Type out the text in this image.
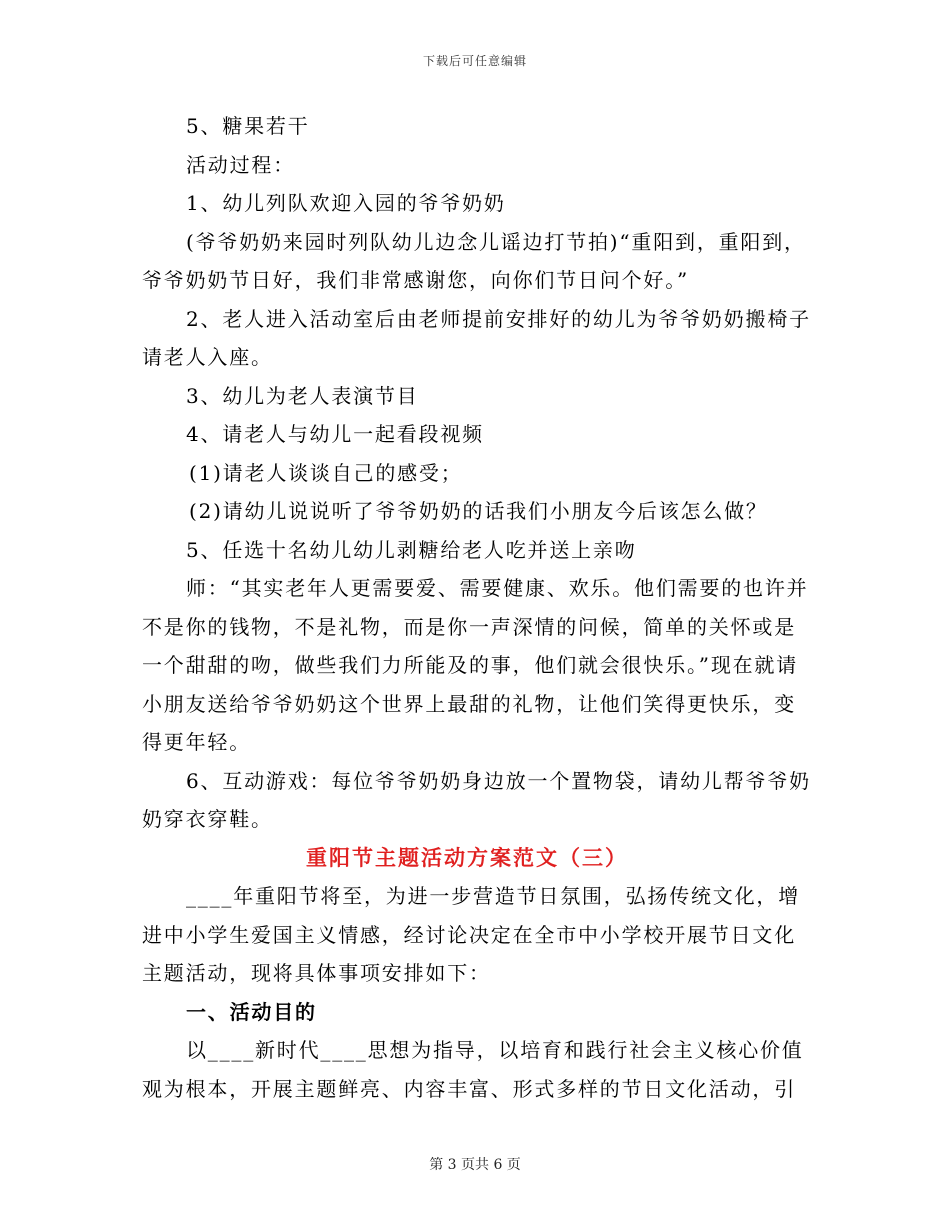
下载后可任意编辑

5、糖果若干

活动过程：

1、幼儿列队欢迎入园的爷爷奶奶

(爷爷奶奶来园时列队幼儿边念儿谣边打节拍)“重阳到，重阳到，爷爷奶奶节日好，我们非常感谢您，向你们节日问个好。”

2、老人进入活动室后由老师提前安排好的幼儿为爷爷奶奶搬椅子请老人入座。

3、幼儿为老人表演节目

4、请老人与幼儿一起看段视频

(1)请老人谈谈自己的感受；

(2)请幼儿说说听了爷爷奶奶的话我们小朋友今后该怎么做？

5、任选十名幼儿幼儿剥糖给老人吃并送上亲吻

师：“其实老年人更需要爱、需要健康、欢乐。他们需要的也许并不是你的钱物，不是礼物，而是你一声深情的问候，简单的关怀或是一个甜甜的吻，做些我们力所能及的事，他们就会很快乐。”现在就请小朋友送给爷爷奶奶这个世界上最甜的礼物，让他们笑得更快乐，变得更年轻。

6、互动游戏：每位爷爷奶奶身边放一个置物袋，请幼儿帮爷爷奶奶穿衣穿鞋。

重阳节主题活动方案范文（三）

____年重阳节将至，为进一步营造节日氛围，弘扬传统文化，增进中小学生爱国主义情感，经讨论决定在全市中小学校开展节日文化主题活动，现将具体事项安排如下：

一、活动目的

以____新时代____思想为指导，以培育和践行社会主义核心价值观为根本，开展主题鲜亮、内容丰富、形式多样的节日文化活动，引

第 3 页共 6 页
